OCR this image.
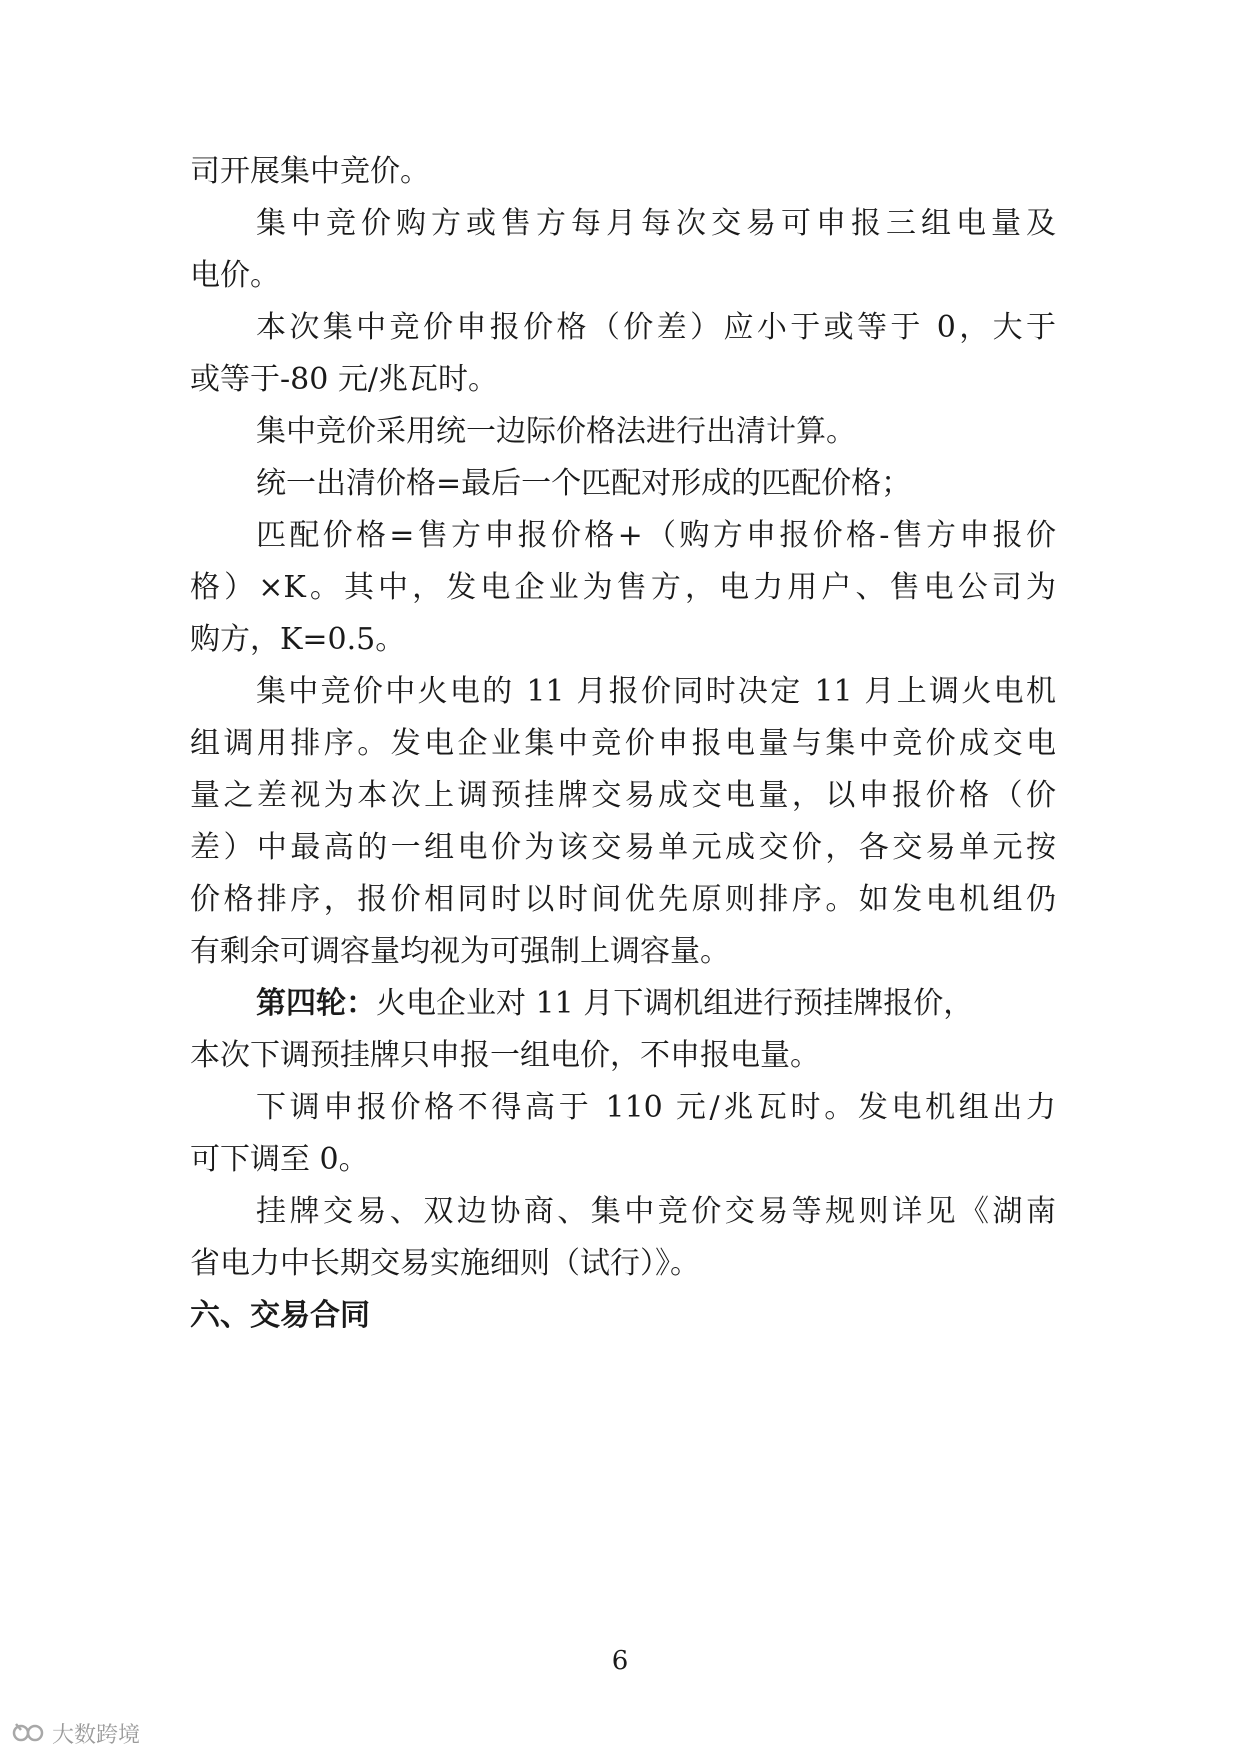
司开展集中竞价。
集中竞价购方或售方每月每次交易可申报三组电量及
电价。
本次集中竞价申报价格（价差）应小于或等于 0，大于
或等于-80 元/兆瓦时。
集中竞价采用统一边际价格法进行出清计算。
统一出清价格=最后一个匹配对形成的匹配价格；
匹配价格=售方申报价格+（购方申报价格-售方申报价
格）×K。其中，发电企业为售方，电力用户、售电公司为
购方，K=0.5。
集中竞价中火电的 11 月报价同时决定 11 月上调火电机
组调用排序。发电企业集中竞价申报电量与集中竞价成交电
量之差视为本次上调预挂牌交易成交电量，以申报价格（价
差）中最高的一组电价为该交易单元成交价，各交易单元按
价格排序，报价相同时以时间优先原则排序。如发电机组仍
有剩余可调容量均视为可强制上调容量。
第四轮：火电企业对 11 月下调机组进行预挂牌报价，
本次下调预挂牌只申报一组电价，不申报电量。
下调申报价格不得高于 110 元/兆瓦时。发电机组出力
可下调至 0。
挂牌交易、双边协商、集中竞价交易等规则详见《湖南
省电力中长期交易实施细则（试行）》。
六、交易合同
6
大数跨境
